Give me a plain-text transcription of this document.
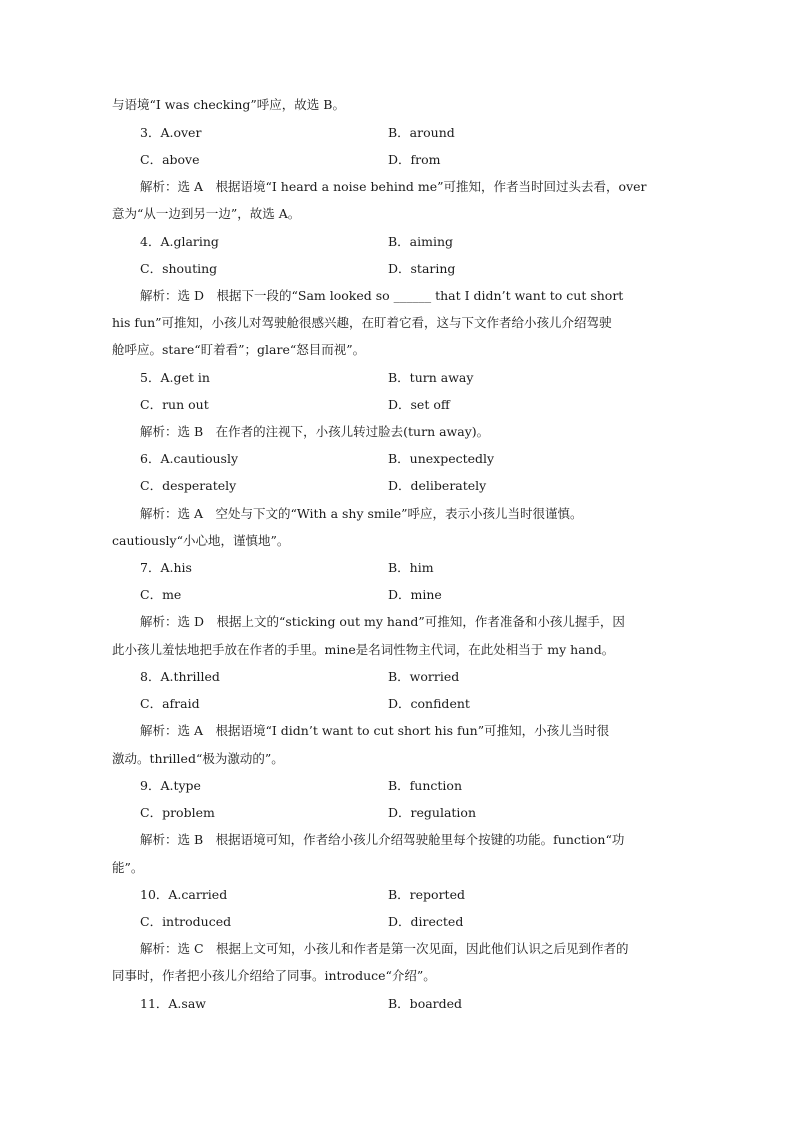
与语境“I was checking”呼应，故选 B。
3．A.over	B．around
C．above	D．from
解析：选 A　根据语境“I heard a noise behind me”可推知，作者当时回过头去看，over
意为“从一边到另一边”，故选 A。
4．A.glaring	B．aiming
C．shouting	D．staring
解析：选 D　根据下一段的“Sam looked so ______ that I didn’t want to cut short
his fun”可推知，小孩儿对驾驶舱很感兴趣，在盯着它看，这与下文作者给小孩儿介绍驾驶
舱呼应。stare“盯着看”；glare“怒目而视”。
5．A.get in	B．turn away
C．run out	D．set off
解析：选 B　在作者的注视下，小孩儿转过脸去(turn away)。
6．A.cautiously	B．unexpectedly
C．desperately	D．deliberately
解析：选 A　空处与下文的“With a shy smile”呼应，表示小孩儿当时很谨慎。
cautiously“小心地，谨慎地”。
7．A.his	B．him
C．me	D．mine
解析：选 D　根据上文的“sticking out my hand”可推知，作者准备和小孩儿握手，因
此小孩儿羞怯地把手放在作者的手里。mine是名词性物主代词，在此处相当于 my hand。
8．A.thrilled	B．worried
C．afraid	D．confident
解析：选 A　根据语境“I didn’t want to cut short his fun”可推知，小孩儿当时很
激动。thrilled“极为激动的”。
9．A.type	B．function
C．problem	D．regulation
解析：选 B　根据语境可知，作者给小孩儿介绍驾驶舱里每个按键的功能。function“功
能”。
10．A.carried	B．reported
C．introduced	D．directed
解析：选 C　根据上文可知，小孩儿和作者是第一次见面，因此他们认识之后见到作者的
同事时，作者把小孩儿介绍给了同事。introduce“介绍”。
11．A.saw	B．boarded
